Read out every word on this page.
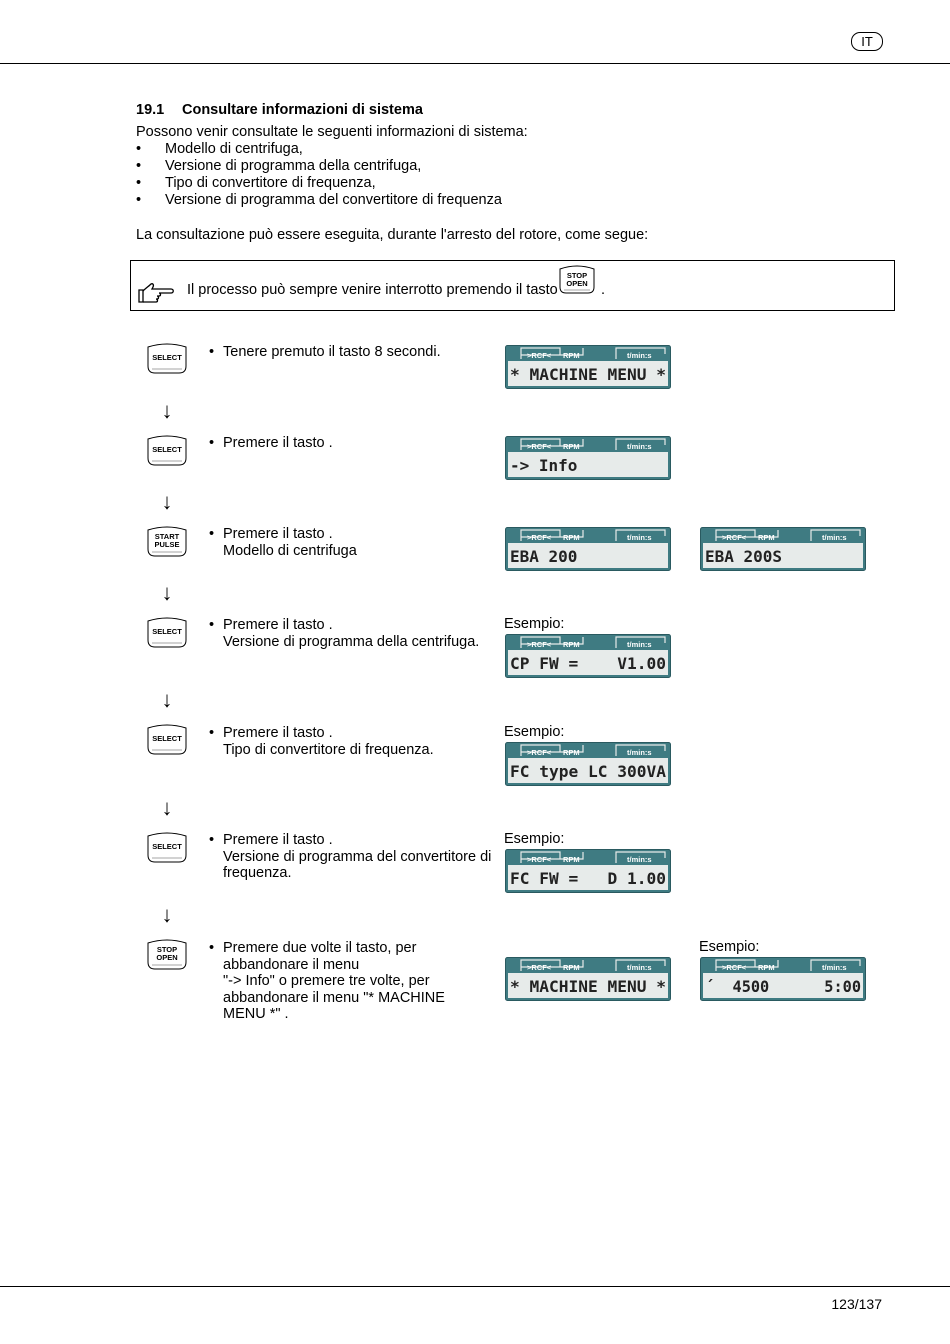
IT
19.1 Consultare informazioni di sistema
Possono venir consultate le seguenti informazioni di sistema:
• Modello di centrifuga,
• Versione di programma della centrifuga,
• Tipo di convertitore di frequenza,
• Versione di programma del convertitore di frequenza
La consultazione può essere eseguita, durante l'arresto del rotore, come segue:
Il processo può sempre venire interrotto premendo il tasto
STOP
OPEN .
SELECT • Tenere premuto il tasto 8 secondi.	>RCF< RPM	t/min:s
* MACHINE MENU *
↓
SELECT • Premere il tasto .	>RCF< RPM	t/min:s
-> Info
↓
START
PULSE
• Premere il tasto .
Modello di centrifuga
>RCF< RPM	t/min:s
EBA 200
>RCF< RPM	t/min:s
EBA 200S
↓
SELECT • Premere il tasto .
Versione di programma della centrifuga.
Esempio:
>RCF< RPM	t/min:s
CP FW =    V1.00
↓
SELECT • Premere il tasto .
Tipo di convertitore di frequenza.
Esempio:
>RCF< RPM	t/min:s
FC type LC 300VA
↓
SELECT • Premere il tasto .
Versione di programma del convertitore di
frequenza.
Esempio:
>RCF< RPM	t/min:s
FC FW =   D 1.00
↓
STOP
OPEN
• Premere due volte il tasto, per
abbandonare il menu
"-> Info" o premere tre volte, per
abbandonare il menu "* MACHINE
MENU *" .
>RCF< RPM	t/min:s
* MACHINE MENU *
Esempio:
>RCF< RPM	t/min:s
´  4500      5:00
123/137
